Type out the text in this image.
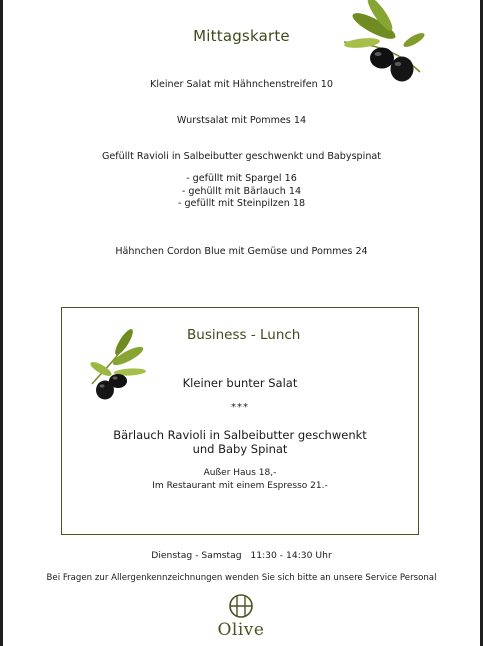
Mittagskarte
Kleiner Salat mit Hähnchenstreifen 10
Wurstsalat mit Pommes 14
Gefüllt Ravioli in Salbeibutter geschwenkt und Babyspinat
- gefüllt mit Spargel 16
- gehüllt mit Bärlauch 14
- gefüllt mit Steinpilzen 18
Hähnchen Cordon Blue mit Gemüse und Pommes 24
Business - Lunch
Kleiner bunter Salat
***
Bärlauch Ravioli in Salbeibutter geschwenkt und Baby Spinat
Außer Haus 18,-
Im Restaurant mit einem Espresso 21.-
Dienstag - Samstag   11:30 - 14:30 Uhr
Bei Fragen zur Allergenkennzeichnungen wenden Sie sich bitte an unsere Service Personal
Olive
